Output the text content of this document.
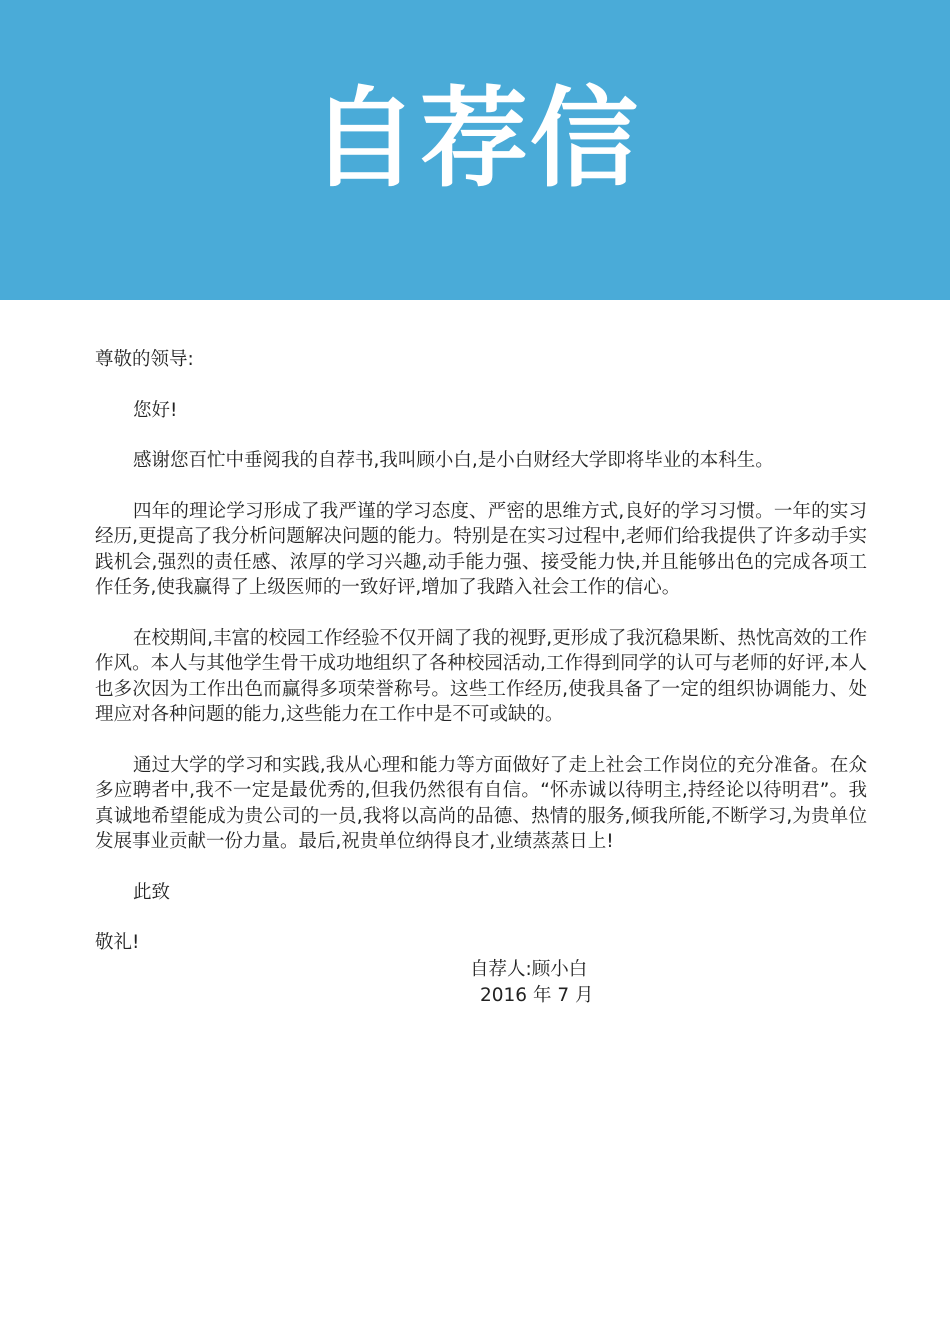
自荐信

尊敬的领导:

您好!

感谢您百忙中垂阅我的自荐书,我叫顾小白,是小白财经大学即将毕业的本科生。

四年的理论学习形成了我严谨的学习态度、严密的思维方式,良好的学习习惯。一年的实习经历,更提高了我分析问题解决问题的能力。特别是在实习过程中,老师们给我提供了许多动手实践机会,强烈的责任感、浓厚的学习兴趣,动手能力强、接受能力快,并且能够出色的完成各项工作任务,使我赢得了上级医师的一致好评,增加了我踏入社会工作的信心。

在校期间,丰富的校园工作经验不仅开阔了我的视野,更形成了我沉稳果断、热忱高效的工作作风。本人与其他学生骨干成功地组织了各种校园活动,工作得到同学的认可与老师的好评,本人也多次因为工作出色而赢得多项荣誉称号。这些工作经历,使我具备了一定的组织协调能力、处理应对各种问题的能力,这些能力在工作中是不可或缺的。

通过大学的学习和实践,我从心理和能力等方面做好了走上社会工作岗位的充分准备。在众多应聘者中,我不一定是最优秀的,但我仍然很有自信。“怀赤诚以待明主,持经论以待明君”。我真诚地希望能成为贵公司的一员,我将以高尚的品德、热情的服务,倾我所能,不断学习,为贵单位发展事业贡献一份力量。最后,祝贵单位纳得良才,业绩蒸蒸日上!

此致

敬礼!

自荐人:顾小白
2016 年 7 月
